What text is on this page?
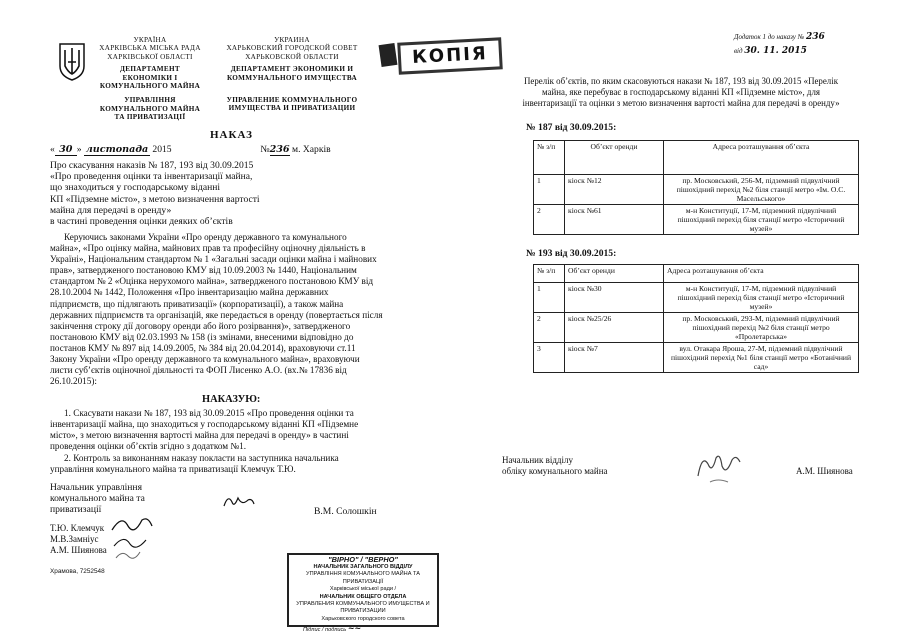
УКРАЇНА
ХАРКІВСЬКА МІСЬКА РАДА
ХАРКІВСЬКОЇ ОБЛАСТІ
ДЕПАРТАМЕНТ
ЕКОНОМІКИ І
КОМУНАЛЬНОГО МАЙНА
УПРАВЛІННЯ
КОМУНАЛЬНОГО МАЙНА
ТА ПРИВАТИЗАЦІЇ
УКРАИНА
ХАРЬКОВСКИЙ ГОРОДСКОЙ СОВЕТ
ХАРЬКОВСКОЙ ОБЛАСТИ
ДЕПАРТАМЕНТ ЭКОНОМИКИ И
КОММУНАЛЬНОГО ИМУЩЕСТВА
УПРАВЛЕНИЕ КОММУНАЛЬНОГО
ИМУЩЕСТВА И ПРИВАТИЗАЦИИ
КОПІЯ
НАКАЗ
« 30 » листопада 2015	№236 м. Харків
Про скасування наказів № 187, 193 від 30.09.2015
«Про проведення оцінки та інвентаризації майна,
що знаходиться у господарському віданні
КП «Підземне місто», з метою визначення вартості
майна для передачі в оренду»
в частині проведення оцінки деяких об’єктів
Керуючись законами України «Про оренду державного та комунального
майна», «Про оцінку майна, майнових прав та професійну оціночну діяльність в
Україні», Національним стандартом № 1 «Загальні засади оцінки майна і майнових
прав», затвердженого постановою КМУ від 10.09.2003 № 1440, Національним
стандартом № 2 «Оцінка нерухомого майна», затвердженого постановою КМУ від
28.10.2004 № 1442, Положення «Про інвентаризацію майна державних
підприємств, що підлягають приватизації» (корпоратизації), а також майна
державних підприємств та організацій, яке передається в оренду (повертається після
закінчення строку дії договору оренди або його розірвання)», затвердженого
постановою КМУ від 02.03.1993 № 158 (із змінами, внесеними відповідно до
постанов КМУ № 897 від 14.09.2005, № 384 від 20.04.2014), враховуючи ст.11
Закону України «Про оренду державного та комунального майна», враховуючи
листи суб’єктів оціночної діяльності та ФОП Лисенко А.О. (вх.№ 17836 від
26.10.2015):
НАКАЗУЮ:
1. Скасувати накази № 187, 193 від 30.09.2015 «Про проведення оцінки та
інвентаризації майна, що знаходиться у господарському віданні КП «Підземне
місто», з метою визначення вартості майна для передачі в оренду» в частині
проведення оцінки об’єктів згідно з додатком №1.
2. Контроль за виконанням наказу покласти на заступника начальника
управління комунального майна та приватизації Клемчук Т.Ю.
Начальник управління
комунального майна та
приватизації	В.М. Солошкін
Т.Ю. Клемчук
М.В.Замніус
А.М. Шиянова
Храмова, 7252548
"ВІРНО" / "ВЕРНО"
НАЧАЛЬНИК ЗАГАЛЬНОГО ВІДДІЛУ
УПРАВЛІННЯ КОМУНАЛЬНОГО МАЙНА ТА ПРИВАТИЗАЦІЇ
Харківської міської ради /
НАЧАЛЬНИК ОБЩЕГО ОТДЕЛА
УПРАВЛЕНИЯ КОММУНАЛЬНОГО ИМУЩЕСТВА И ПРИВАТИЗАЦИИ
Харьковского городского совета
Підпис / подпись ~~
Додаток 1 до наказу № 236
від 30. 11. 2015
Перелік об’єктів, по яким скасовуються накази № 187, 193 від 30.09.2015 «Перелік
майна, яке перебуває в господарському віданні КП «Підземне місто», для
інвентаризації та оцінки з метою визначення вартості майна для передачі в оренду»
№ 187 від 30.09.2015:
№ з/п	Об’єкт оренди	Адреса розташування об’єкта
1	кіоск №12	пр. Московський, 256-М, підземний підвулічний пішохідний перехід №2 біля станції метро «Ім. О.С. Масельського»
2	кіоск №61	м-н Конституції, 17-М, підземний підвулічний пішохідний перехід біля станції метро «Історичний музей»
№ 193 від 30.09.2015:
№ з/п	Об’єкт оренди	Адреса розташування об’єкта
1	кіоск №30	м-н Конституції, 17-М, підземний підвулічний пішохідний перехід біля станції метро «Історичний музей»
2	кіоск №25/26	пр. Московський, 293-М, підземний підвулічний пішохідний перехід №2 біля станції метро «Пролетарська»
3	кіоск №7	вул. Отакара Яроша, 27-М, підземний підвулічний пішохідний перехід №1 біля станції метро «Ботанічний сад»
Начальник відділу
обліку комунального майна	А.М. Шиянова
